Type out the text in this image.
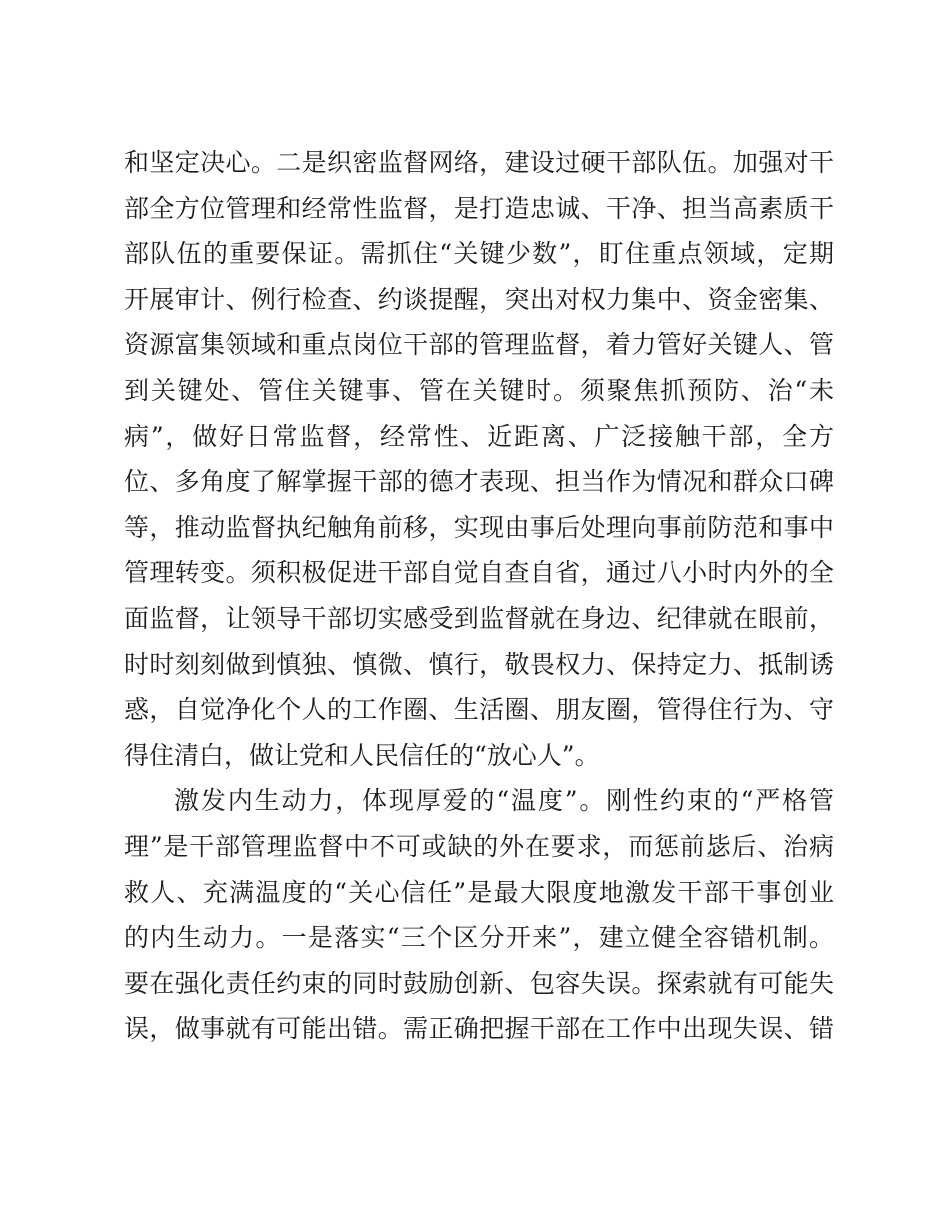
和坚定决心。二是织密监督网络，建设过硬干部队伍。加强对干
部全方位管理和经常性监督，是打造忠诚、干净、担当高素质干
部队伍的重要保证。需抓住“关键少数”，盯住重点领域，定期
开展审计、例行检查、约谈提醒，突出对权力集中、资金密集、
资源富集领域和重点岗位干部的管理监督，着力管好关键人、管
到关键处、管住关键事、管在关键时。须聚焦抓预防、治“未
病”，做好日常监督，经常性、近距离、广泛接触干部，全方
位、多角度了解掌握干部的德才表现、担当作为情况和群众口碑
等，推动监督执纪触角前移，实现由事后处理向事前防范和事中
管理转变。须积极促进干部自觉自查自省，通过八小时内外的全
面监督，让领导干部切实感受到监督就在身边、纪律就在眼前，
时时刻刻做到慎独、慎微、慎行，敬畏权力、保持定力、抵制诱
惑，自觉净化个人的工作圈、生活圈、朋友圈，管得住行为、守
得住清白，做让党和人民信任的“放心人”。
激发内生动力，体现厚爱的“温度”。刚性约束的“严格管
理”是干部管理监督中不可或缺的外在要求，而惩前毖后、治病
救人、充满温度的“关心信任”是最大限度地激发干部干事创业
的内生动力。一是落实“三个区分开来”，建立健全容错机制。
要在强化责任约束的同时鼓励创新、包容失误。探索就有可能失
误，做事就有可能出错。需正确把握干部在工作中出现失误、错
